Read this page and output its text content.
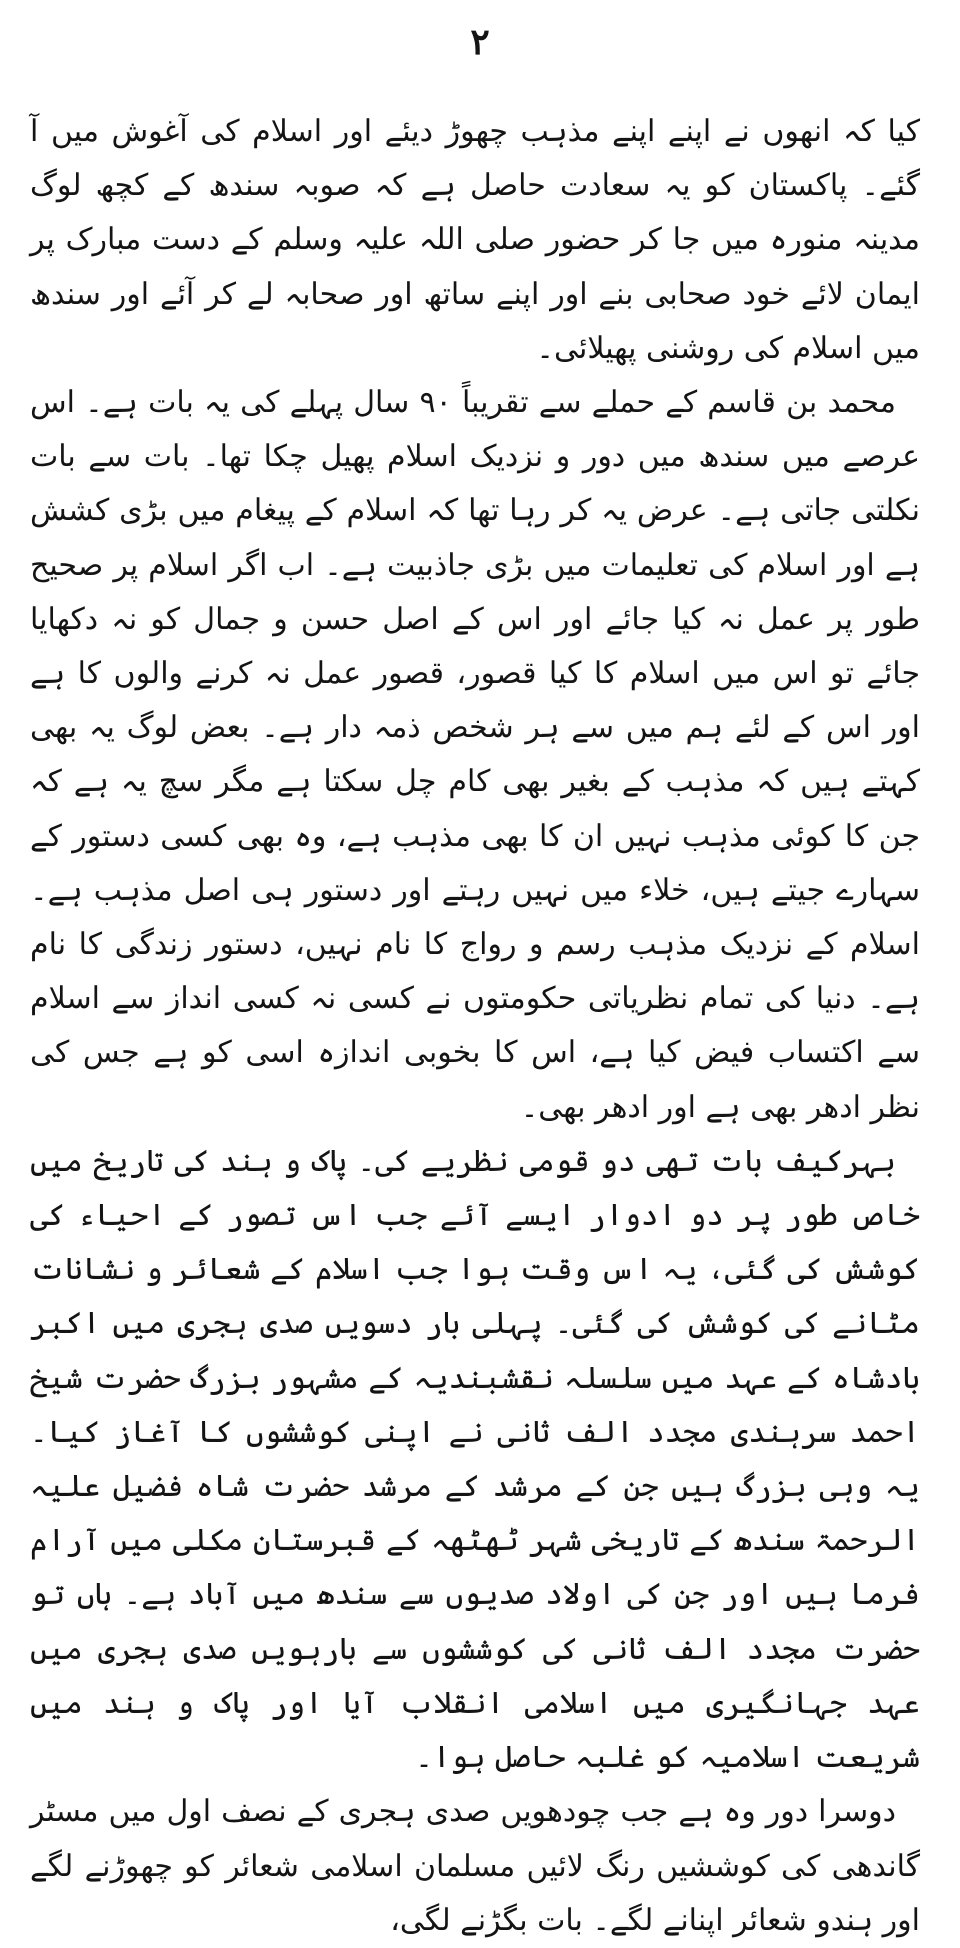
۲

کیا کہ انھوں نے اپنے اپنے مذہب چھوڑ دیئے اور اسلام کی آغوش میں آ گئے۔ پاکستان کو یہ سعادت حاصل ہے کہ صوبہ سندھ کے کچھ لوگ مدینہ منورہ میں جا کر حضور صلی اللہ علیہ وسلم کے دست مبارک پر ایمان لائے خود صحابی بنے اور اپنے ساتھ اور صحابہ لے کر آئے اور سندھ میں اسلام کی روشنی پھیلائی۔

محمد بن قاسم کے حملے سے تقریباً ۹۰ سال پہلے کی یہ بات ہے۔ اس عرصے میں سندھ میں دور و نزدیک اسلام پھیل چکا تھا۔ بات سے بات نکلتی جاتی ہے۔ عرض یہ کر رہا تھا کہ اسلام کے پیغام میں بڑی کشش ہے اور اسلام کی تعلیمات میں بڑی جاذبیت ہے۔ اب اگر اسلام پر صحیح طور پر عمل نہ کیا جائے اور اس کے اصل حسن و جمال کو نہ دکھایا جائے تو اس میں اسلام کا کیا قصور، قصور عمل نہ کرنے والوں کا ہے اور اس کے لئے ہم میں سے ہر شخص ذمہ دار ہے۔ بعض لوگ یہ بھی کہتے ہیں کہ مذہب کے بغیر بھی کام چل سکتا ہے مگر سچ یہ ہے کہ جن کا کوئی مذہب نہیں ان کا بھی مذہب ہے، وہ بھی کسی دستور کے سہارے جیتے ہیں، خلاء میں نہیں رہتے اور دستور ہی اصل مذہب ہے۔ اسلام کے نزدیک مذہب رسم و رواج کا نام نہیں، دستور زندگی کا نام ہے۔ دنیا کی تمام نظریاتی حکومتوں نے کسی نہ کسی انداز سے اسلام سے اکتساب فیض کیا ہے، اس کا بخوبی اندازہ اسی کو ہے جس کی نظر ادھر بھی ہے اور ادھر بھی۔

بہرکیف بات تھی دو قومی نظریے کی۔ پاک و ہند کی تاریخ میں خاص طور پر دو ادوار ایسے آئے جب اس تصور کے احیاء کی کوشش کی گئی، یہ اس وقت ہوا جب اسلام کے شعائر و نشانات مٹانے کی کوشش کی گئی۔ پہلی بار دسویں صدی ہجری میں اکبر بادشاہ کے عہد میں سلسلہ نقشبندیہ کے مشہور بزرگ حضرت شیخ احمد سرہندی مجدد الف ثانی نے اپنی کوششوں کا آغاز کیا۔ یہ وہی بزرگ ہیں جن کے مرشد کے مرشد حضرت شاہ فضیل علیہ الرحمۃ سندھ کے تاریخی شہر ٹھٹھہ کے قبرستان مکلی میں آرام فرما ہیں اور جن کی اولاد صدیوں سے سندھ میں آباد ہے۔ ہاں تو حضرت مجدد الف ثانی کی کوششوں سے بارہویں صدی ہجری میں عہد جہانگیری میں اسلامی انقلاب آیا اور پاک و ہند میں شریعت اسلامیہ کو غلبہ حاصل ہوا۔

دوسرا دور وہ ہے جب چودھویں صدی ہجری کے نصف اول میں مسٹر گاندھی کی کوششیں رنگ لائیں مسلمان اسلامی شعائر کو چھوڑنے لگے اور ہندو شعائر اپنانے لگے۔ بات بگڑنے لگی،
